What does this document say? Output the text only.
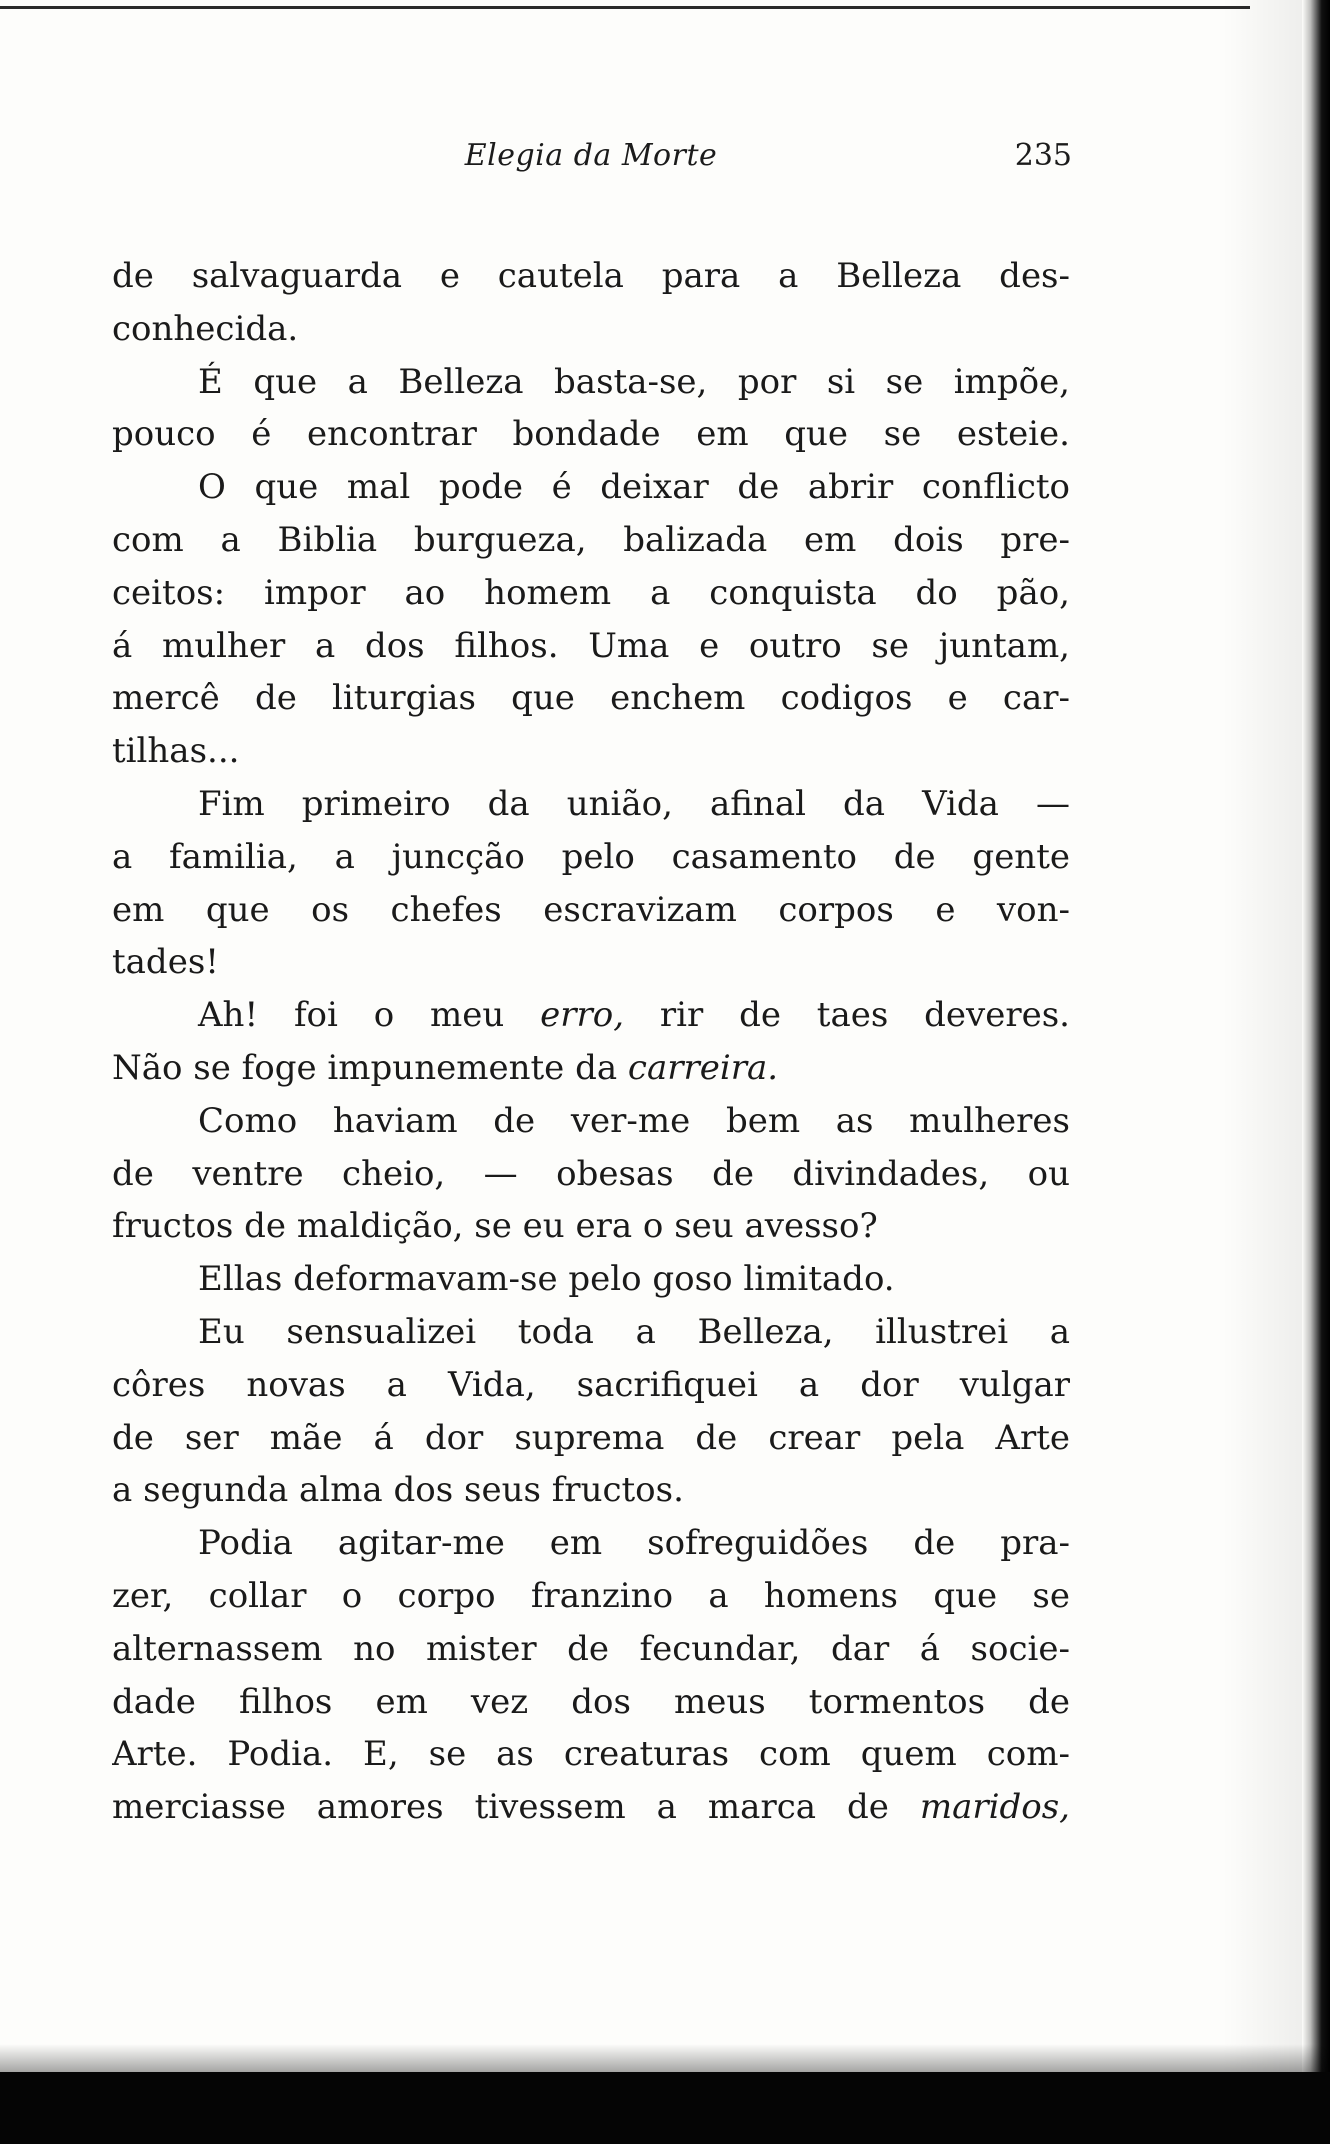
Elegia da Morte	235
de salvaguarda e cautela para a Belleza des-
conhecida.
É que a Belleza basta-se, por si se impõe,
pouco é encontrar bondade em que se esteie.
O que mal pode é deixar de abrir conflicto
com a Biblia burgueza, balizada em dois pre-
ceitos: impor ao homem a conquista do pão,
á mulher a dos filhos. Uma e outro se juntam,
mercê de liturgias que enchem codigos e car-
tilhas...
Fim primeiro da união, afinal da Vida —
a familia, a juncção pelo casamento de gente
em que os chefes escravizam corpos e von-
tades!
Ah! foi o meu erro, rir de taes deveres.
Não se foge impunemente da carreira.
Como haviam de ver-me bem as mulheres
de ventre cheio, — obesas de divindades, ou
fructos de maldição, se eu era o seu avesso?
Ellas deformavam-se pelo goso limitado.
Eu sensualizei toda a Belleza, illustrei a
côres novas a Vida, sacrifiquei a dor vulgar
de ser mãe á dor suprema de crear pela Arte
a segunda alma dos seus fructos.
Podia agitar-me em sofreguidões de pra-
zer, collar o corpo franzino a homens que se
alternassem no mister de fecundar, dar á socie-
dade filhos em vez dos meus tormentos de
Arte. Podia. E, se as creaturas com quem com-
merciasse amores tivessem a marca de maridos,
